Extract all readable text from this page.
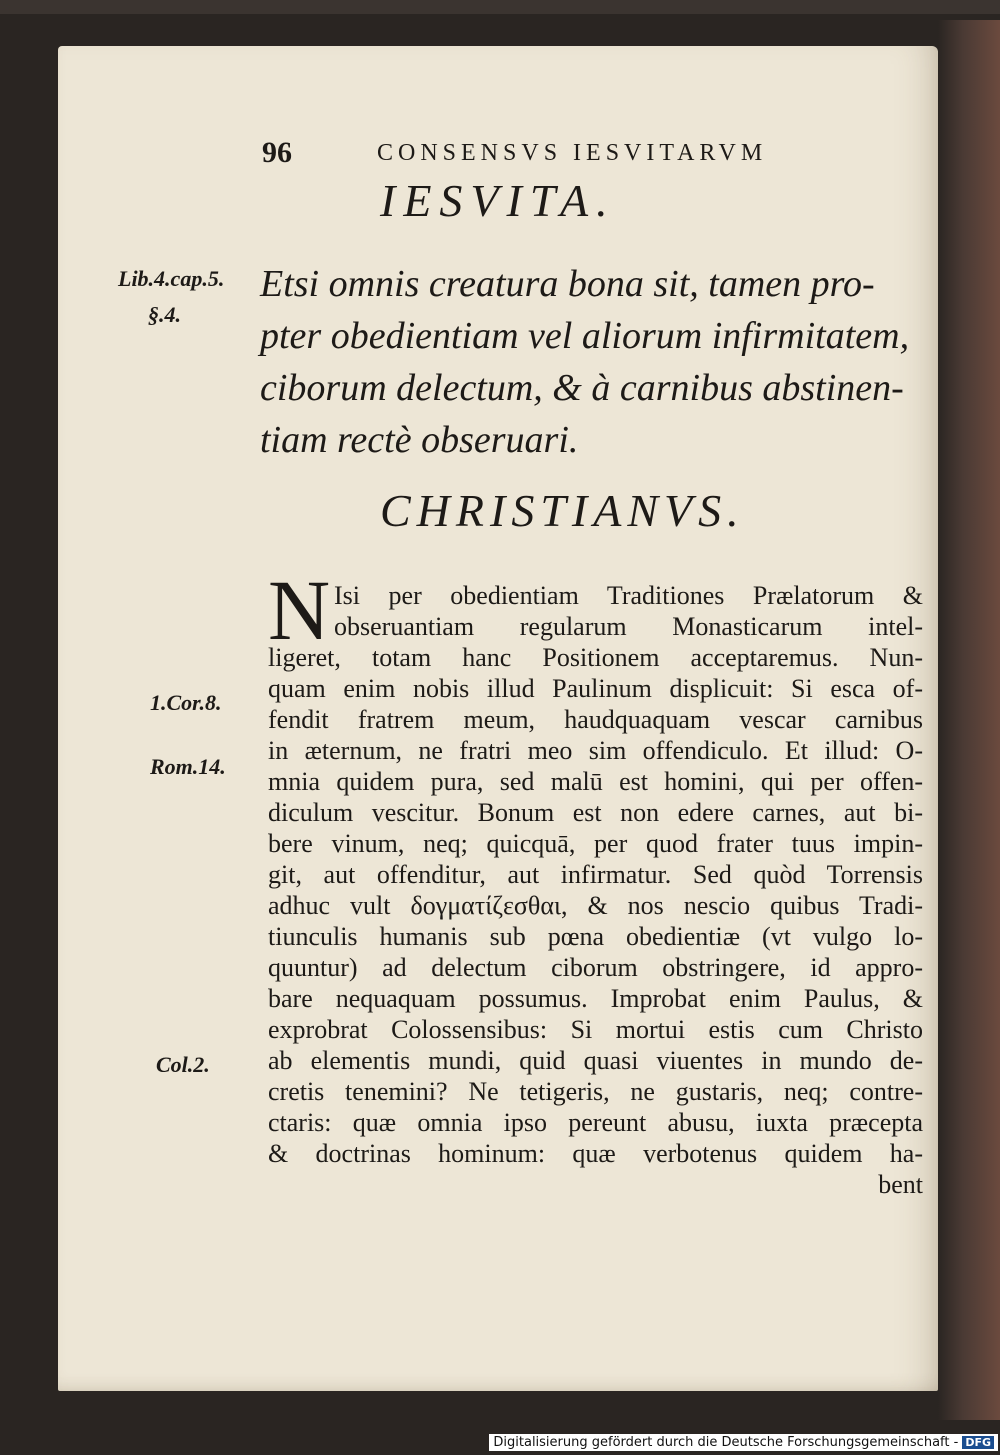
96	CONSENSVS IESVITARVM
IESVITA.
Lib.4.cap.5.
§.4.
Etsi omnis creatura bona sit, tamen pro-
pter obedientiam vel aliorum infirmitatem,
ciborum delectum, & à carnibus abstinen-
tiam rectè obseruari.
CHRISTIANVS.
1.Cor.8.
Rom.14.
Col.2.
N Isi per obedientiam Traditiones Prælatorum &
obseruantiam regularum Monasticarum intel-
ligeret, totam hanc Positionem acceptaremus. Nun-
quam enim nobis illud Paulinum displicuit: Si esca of-
fendit fratrem meum, haudquaquam vescar carnibus
in æternum, ne fratri meo sim offendiculo. Et illud: O-
mnia quidem pura, sed malū est homini, qui per offen-
diculum vescitur. Bonum est non edere carnes, aut bi-
bere vinum, neq; quicquā, per quod frater tuus impin-
git, aut offenditur, aut infirmatur. Sed quòd Torrensis
adhuc vult δογματίζεσθαι, & nos nescio quibus Tradi-
tiunculis humanis sub pœna obedientiæ (vt vulgo lo-
quuntur) ad delectum ciborum obstringere, id appro-
bare nequaquam possumus. Improbat enim Paulus, &
exprobrat Colossensibus: Si mortui estis cum Christo
ab elementis mundi, quid quasi viuentes in mundo de-
cretis tenemini? Ne tetigeris, ne gustaris, neq; contre-
ctaris: quæ omnia ipso pereunt abusu, iuxta præcepta
& doctrinas hominum: quæ verbotenus quidem ha-
bent
Digitalisierung gefördert durch die Deutsche Forschungsgemeinschaft - DFG
